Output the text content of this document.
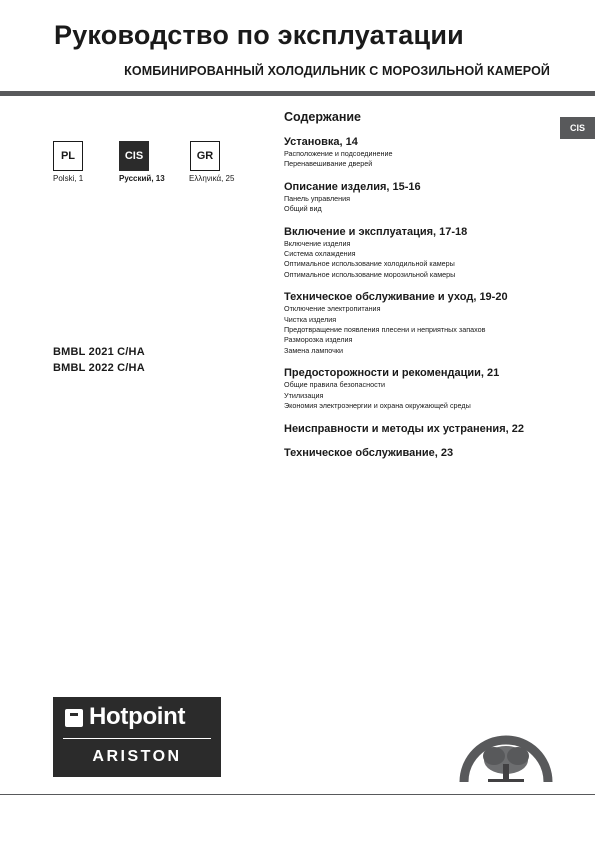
Руководство по эксплуатации
КОМБИНИРОВАННЫЙ ХОЛОДИЛЬНИК С МОРОЗИЛЬНОЙ КАМЕРОЙ
CIS
PL	CIS	GR
Polski, 1	Русский, 13	Ελληνικά, 25
BMBL 2021 C/HA
BMBL 2022 C/HA
Содержание
Установка, 14
Расположение и подсоединение
Перенавешивание дверей
Описание изделия, 15-16
Панель управления
Общий вид
Включение и эксплуатация, 17-18
Включение изделия
Система охлаждения
Оптимальное использование холодильной камеры
Оптимальное использование морозильной камеры
Техническое обслуживание и уход, 19-20
Отключение электропитания
Чистка изделия
Предотвращение появления плесени и неприятных запахов
Разморозка изделия
Замена лампочки
Предосторожности и рекомендации, 21
Общие правила безопасности
Утилизация
Экономия электроэнергии и охрана окружающей среды
Неисправности и методы их устранения, 22
Техническое обслуживание, 23
Hotpoint
ARISTON
